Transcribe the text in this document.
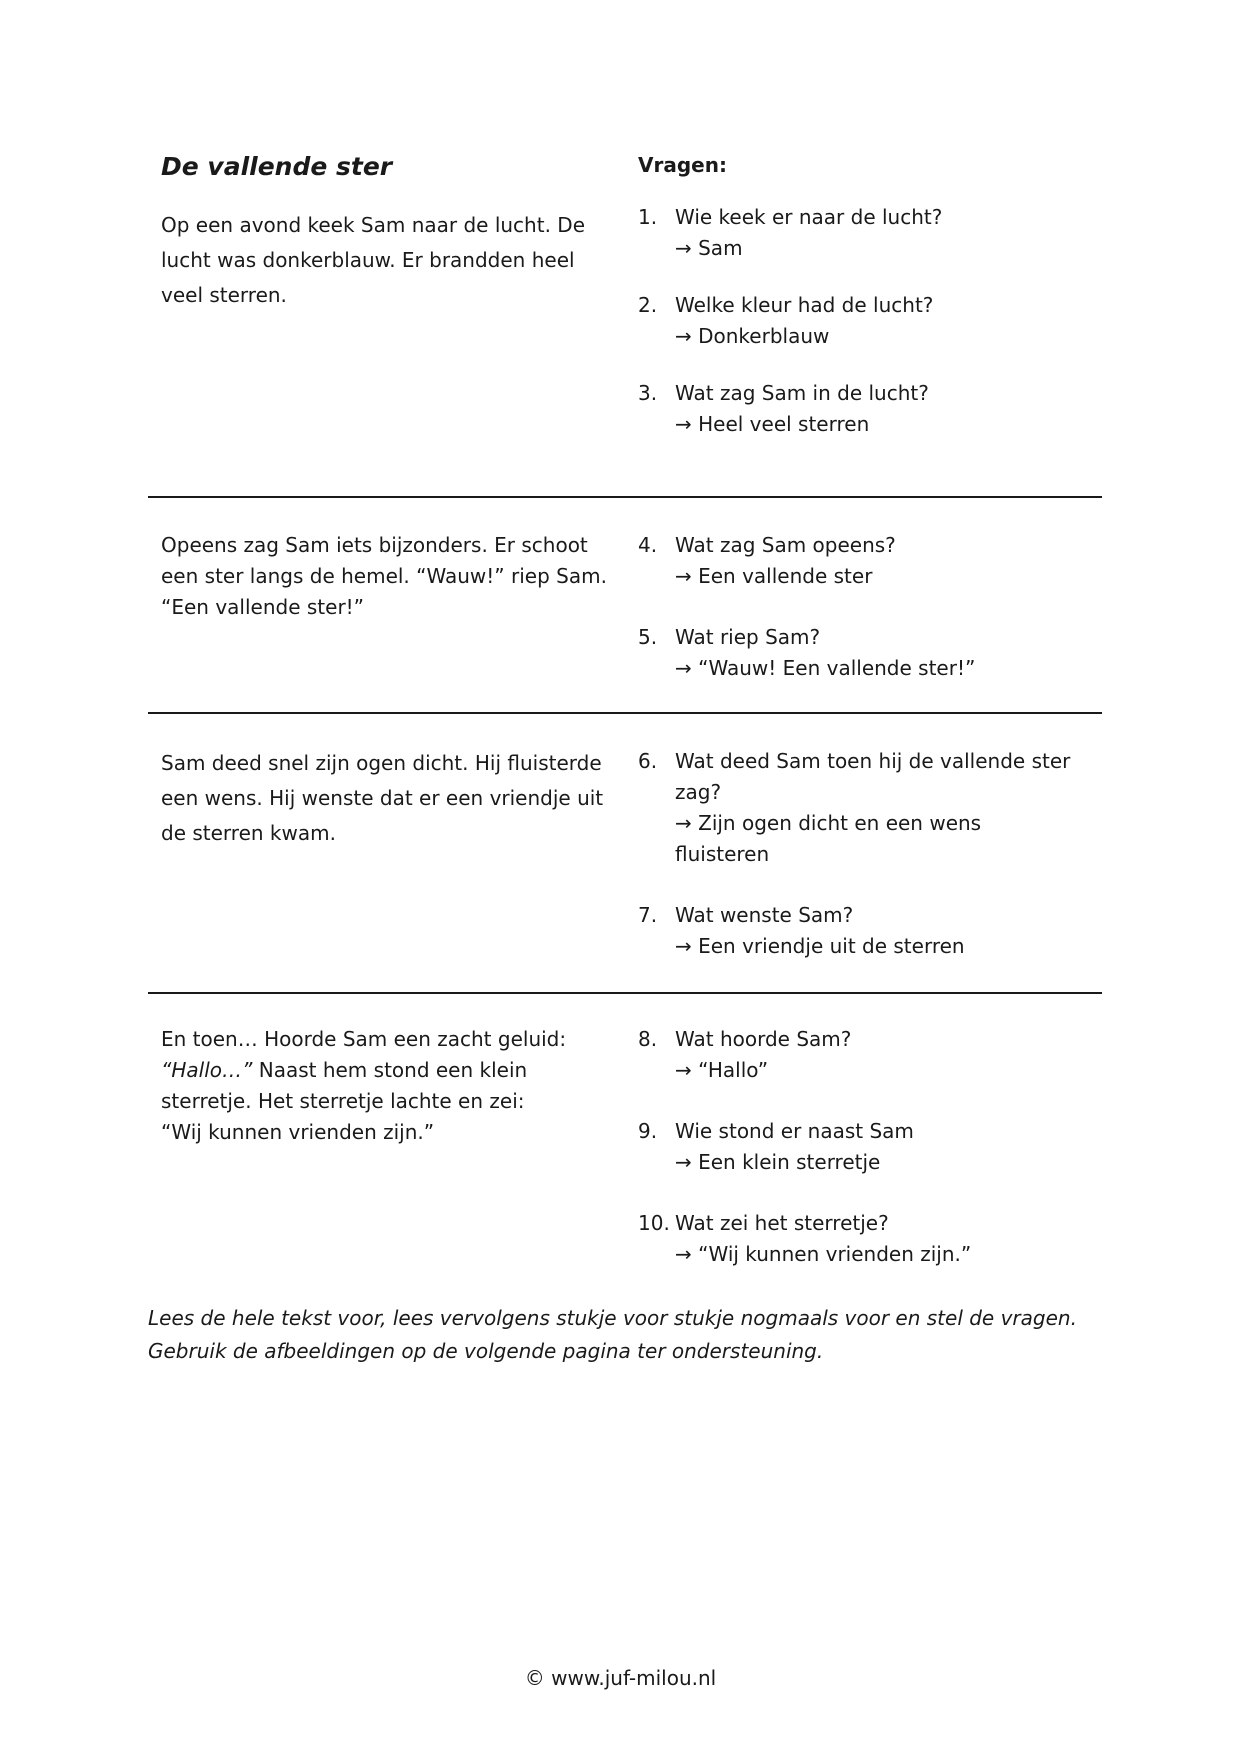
De vallende ster	Vragen:

Op een avond keek Sam naar de lucht. De
lucht was donkerblauw. Er brandden heel
veel sterren.

1. Wie keek er naar de lucht?
→ Sam
2. Welke kleur had de lucht?
→ Donkerblauw
3. Wat zag Sam in de lucht?
→ Heel veel sterren

Opeens zag Sam iets bijzonders. Er schoot
een ster langs de hemel. “Wauw!” riep Sam.
“Een vallende ster!”

4. Wat zag Sam opeens?
→ Een vallende ster
5. Wat riep Sam?
→ “Wauw! Een vallende ster!”

Sam deed snel zijn ogen dicht. Hij fluisterde
een wens. Hij wenste dat er een vriendje uit
de sterren kwam.

6. Wat deed Sam toen hij de vallende ster zag?
→ Zijn ogen dicht en een wens
fluisteren
7. Wat wenste Sam?
→ Een vriendje uit de sterren

En toen… Hoorde Sam een zacht geluid:
“Hallo…” Naast hem stond een klein
sterretje. Het sterretje lachte en zei:
“Wij kunnen vrienden zijn.”

8. Wat hoorde Sam?
→ “Hallo”
9. Wie stond er naast Sam
→ Een klein sterretje
10. Wat zei het sterretje?
→ “Wij kunnen vrienden zijn.”
Lees de hele tekst voor, lees vervolgens stukje voor stukje nogmaals voor en stel de vragen.
Gebruik de afbeeldingen op de volgende pagina ter ondersteuning.
© www.juf-milou.nl
